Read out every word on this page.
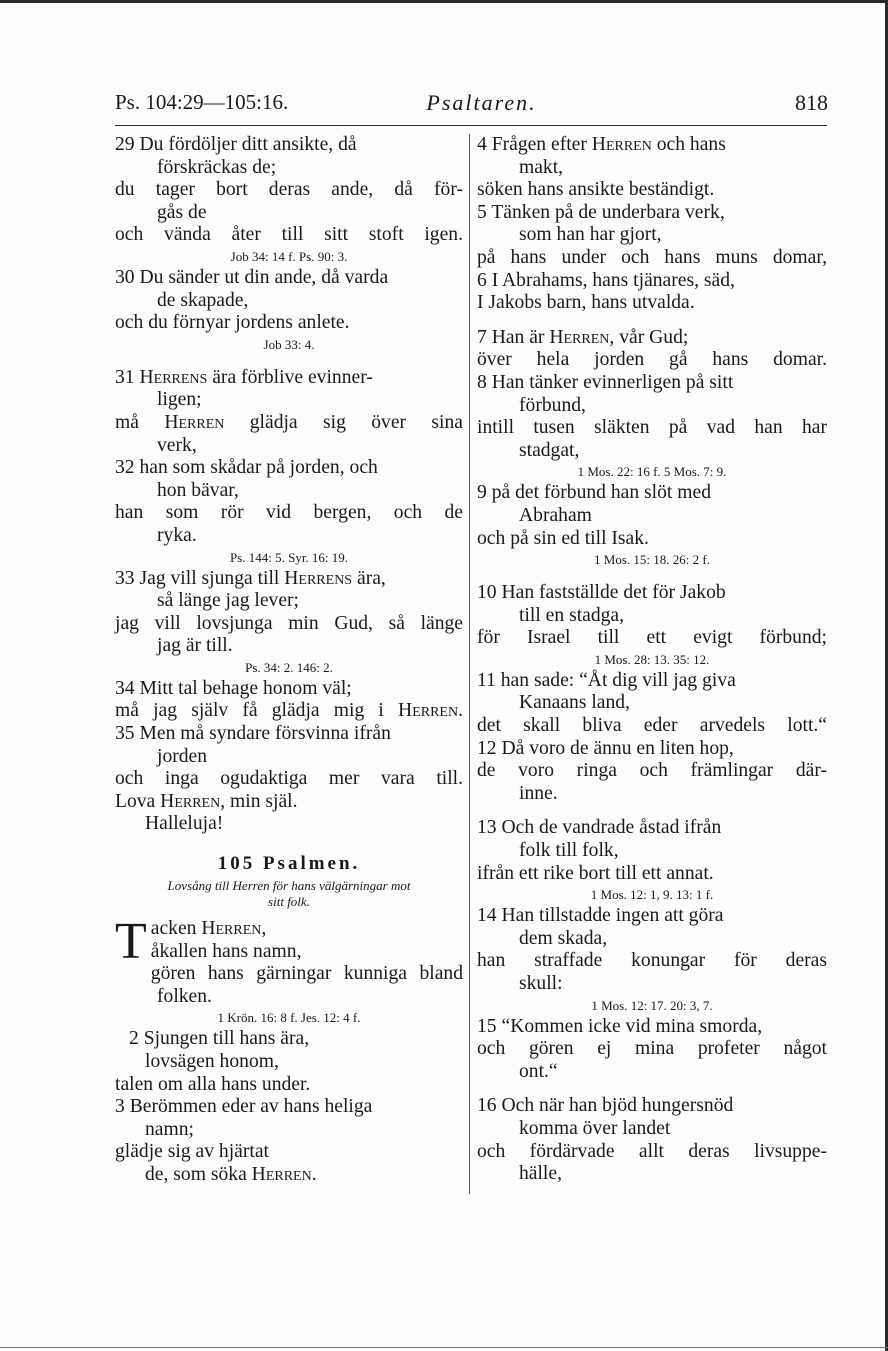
Ps. 104:29—105:16.	Psaltaren.	818
29 Du fördöljer ditt ansikte, då
förskräckas de;
du tager bort deras ande, då för-
gås de
och vända åter till sitt stoft igen.
Job 34: 14 f. Ps. 90: 3.
30 Du sänder ut din ande, då varda
de skapade,
och du förnyar jordens anlete.
Job 33: 4.
31 Herrens ära förblive evinner-
ligen;
må Herren glädja sig över sina
verk,
32 han som skådar på jorden, och
hon bävar,
han som rör vid bergen, och de
ryka.
Ps. 144: 5. Syr. 16: 19.
33 Jag vill sjunga till Herrens ära,
så länge jag lever;
jag vill lovsjunga min Gud, så länge
jag är till.
Ps. 34: 2. 146: 2.
34 Mitt tal behage honom väl;
må jag själv få glädja mig i Herren.
35 Men må syndare försvinna ifrån
jorden
och inga ogudaktiga mer vara till.
Lova Herren, min själ.
Halleluja!
105 Psalmen.
Lovsång till Herren för hans välgärningar mot
sitt folk.
T acken Herren,
åkallen hans namn,
gören hans gärningar kunniga bland
folken.
1 Krön. 16: 8 f. Jes. 12: 4 f.
2 Sjungen till hans ära,
lovsägen honom,
talen om alla hans under.
3 Berömmen eder av hans heliga
namn;
glädje sig av hjärtat
de, som söka Herren.
4 Frågen efter Herren och hans
makt,
söken hans ansikte beständigt.
5 Tänken på de underbara verk,
som han har gjort,
på hans under och hans muns domar,
6 I Abrahams, hans tjänares, säd,
I Jakobs barn, hans utvalda.
7 Han är Herren, vår Gud;
över hela jorden gå hans domar.
8 Han tänker evinnerligen på sitt
förbund,
intill tusen släkten på vad han har
stadgat,
1 Mos. 22: 16 f. 5 Mos. 7: 9.
9 på det förbund han slöt med
Abraham
och på sin ed till Isak.
1 Mos. 15: 18. 26: 2 f.
10 Han fastställde det för Jakob
till en stadga,
för Israel till ett evigt förbund;
1 Mos. 28: 13. 35: 12.
11 han sade: “Åt dig vill jag giva
Kanaans land,
det skall bliva eder arvedels lott.“
12 Då voro de ännu en liten hop,
de voro ringa och främlingar där-
inne.
13 Och de vandrade åstad ifrån
folk till folk,
ifrån ett rike bort till ett annat.
1 Mos. 12: 1, 9. 13: 1 f.
14 Han tillstadde ingen att göra
dem skada,
han straffade konungar för deras
skull:
1 Mos. 12: 17. 20: 3, 7.
15 “Kommen icke vid mina smorda,
och gören ej mina profeter något
ont.“
16 Och när han bjöd hungersnöd
komma över landet
och fördärvade allt deras livsuppe-
hälle,
